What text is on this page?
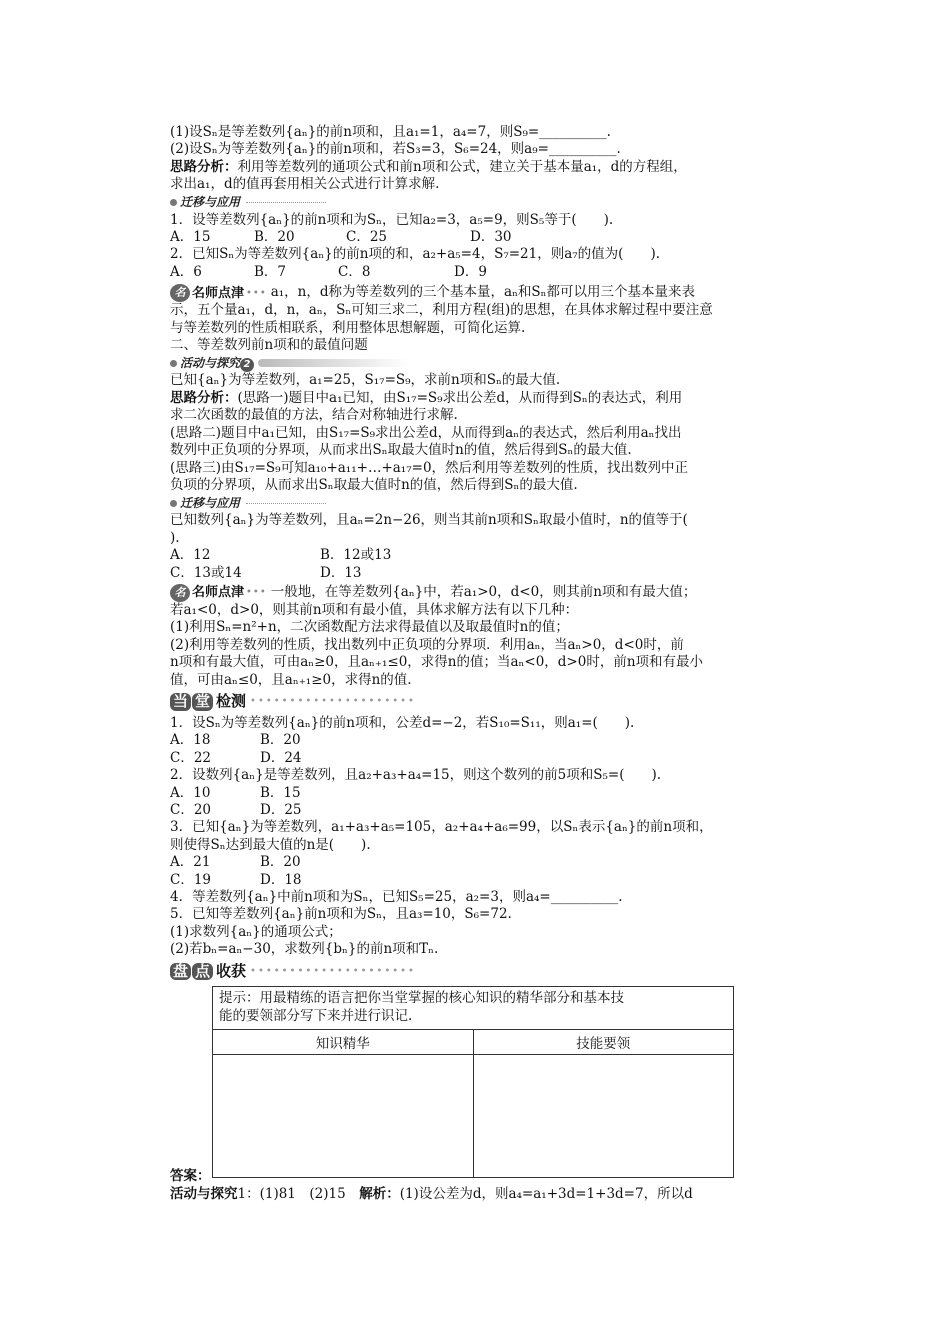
(1)设Sₙ是等差数列{aₙ}的前n项和，且a₁=1，a₄=7，则S₉=__________.
(2)设Sₙ为等差数列{aₙ}的前n项和，若S₃=3，S₆=24，则a₉=__________.
思路分析：利用等差数列的通项公式和前n项和公式，建立关于基本量a₁，d的方程组，
求出a₁，d的值再套用相关公式进行计算求解.
迁移与应用
1．设等差数列{aₙ}的前n项和为Sₙ，已知a₂=3，a₅=9，则S₅等于(　　).
A．15	B．20	C．25	D．30
2．已知Sₙ为等差数列{aₙ}的前n项的和，a₂+a₅=4，S₇=21，则a₇的值为(　　).
A．6	B．7	C．8	D．9
名 名师点津 ••• a₁，n，d称为等差数列的三个基本量，aₙ和Sₙ都可以用三个基本量来表
示，五个量a₁，d，n，aₙ，Sₙ可知三求二，利用方程(组)的思想，在具体求解过程中要注意
与等差数列的性质相联系，利用整体思想解题，可简化运算.
二、等差数列前n项和的最值问题
活动与探究 2
已知{aₙ}为等差数列，a₁=25，S₁₇=S₉，求前n项和Sₙ的最大值.
思路分析：(思路一)题目中a₁已知，由S₁₇=S₉求出公差d，从而得到Sₙ的表达式，利用
求二次函数的最值的方法，结合对称轴进行求解.
(思路二)题目中a₁已知，由S₁₇=S₉求出公差d，从而得到aₙ的表达式，然后利用aₙ找出
数列中正负项的分界项，从而求出Sₙ取最大值时n的值，然后得到Sₙ的最大值.
(思路三)由S₁₇=S₉可知a₁₀+a₁₁+…+a₁₇=0，然后利用等差数列的性质，找出数列中正
负项的分界项，从而求出Sₙ取最大值时n的值，然后得到Sₙ的最大值.
迁移与应用
已知数列{aₙ}为等差数列，且aₙ=2n−26，则当其前n项和Sₙ取最小值时，n的值等于(
).
A．12	B．12或13
C．13或14	D．13
名 名师点津 ••• 一般地，在等差数列{aₙ}中，若a₁>0，d<0，则其前n项和有最大值；
若a₁<0，d>0，则其前n项和有最小值，具体求解方法有以下几种：
(1)利用Sₙ=n²+n，二次函数配方法求得最值以及取最值时n的值；
(2)利用等差数列的性质，找出数列中正负项的分界项．利用aₙ，当aₙ>0，d<0时，前
n项和有最大值，可由aₙ≥0，且aₙ₊₁≤0，求得n的值；当aₙ<0，d>0时，前n项和有最小
值，可由aₙ≤0，且aₙ₊₁≥0，求得n的值.
当 堂 检测 •••••••••••••••••••••
1．设Sₙ为等差数列{aₙ}的前n项和，公差d=−2，若S₁₀=S₁₁，则a₁=(　　).
A．18	B．20
C．22	D．24
2．设数列{aₙ}是等差数列，且a₂+a₃+a₄=15，则这个数列的前5项和S₅=(　　).
A．10	B．15
C．20	D．25
3．已知{aₙ}为等差数列，a₁+a₃+a₅=105，a₂+a₄+a₆=99，以Sₙ表示{aₙ}的前n项和，
则使得Sₙ达到最大值的n是(　　).
A．21	B．20
C．19	D．18
4．等差数列{aₙ}中前n项和为Sₙ，已知S₅=25，a₂=3，则a₄=__________.
5．已知等差数列{aₙ}前n项和为Sₙ，且a₃=10，S₆=72.
(1)求数列{aₙ}的通项公式；
(2)若bₙ=aₙ−30，求数列{bₙ}的前n项和Tₙ.
盘 点 收获 •••••••••••••••••••••
提示：用最精练的语言把你当堂掌握的核心知识的精华部分和基本技
能的要领部分写下来并进行识记.	

知识精华	技能要领

答案：
活动与探究1：(1)81　(2)15　解析：(1)设公差为d，则a₄=a₁+3d=1+3d=7，所以d
